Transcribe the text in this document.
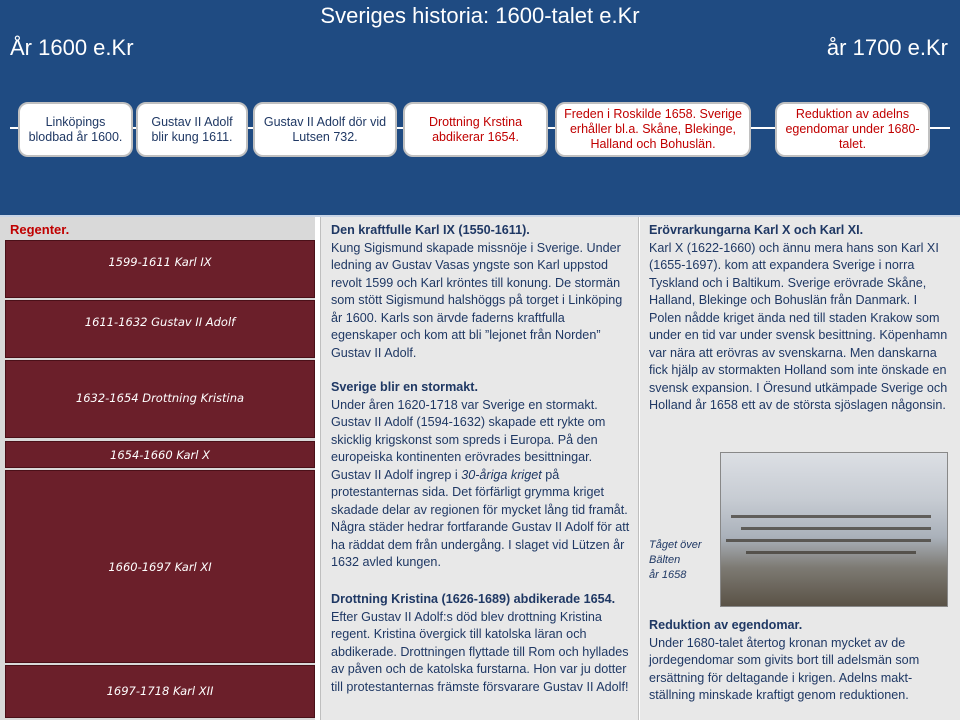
Sveriges historia: 1600-talet e.Kr
År 1600 e.Kr	år 1700 e.Kr
Linköpings blodbad år 1600.
Gustav II Adolf blir kung 1611.
Gustav II Adolf dör vid Lutsen 732.
Drottning Krstina abdikerar 1654.
Freden i Roskilde 1658. Sverige erhåller bl.a. Skåne, Blekinge, Halland och Bohuslän.
Reduktion av adelns egendomar under 1680-talet.
Regenter.
1599-1611 Karl IX
1611-1632 Gustav II Adolf
1632-1654 Drottning Kristina
1654-1660 Karl X
1660-1697 Karl XI
1697-1718 Karl XII
Den kraftfulle Karl IX (1550-1611).
Kung Sigismund skapade missnöje i Sverige. Under ledning av Gustav Vasas yngste son Karl uppstod revolt 1599 och Karl kröntes till konung. De stormän som stött Sigismund halshöggs på torget i Linköping år 1600. Karls son ärvde faderns kraftfulla egenskaper och kom att bli ”lejonet från Norden” Gustav II Adolf.
Sverige blir en stormakt.
Under åren 1620-1718 var Sverige en stormakt. Gustav II Adolf (1594-1632) skapade ett rykte om skicklig krigskonst som spreds i Europa. På den europeiska kontinenten erövrades besittningar. Gustav II Adolf ingrep i 30-åriga kriget på protestanternas sida. Det förfärligt grymma kriget skadade delar av regionen för mycket lång tid framåt. Några städer hedrar fortfarande Gustav II Adolf för att ha räddat dem från undergång. I slaget vid Lützen år 1632 avled kungen.
Drottning Kristina (1626-1689) abdikerade 1654.
Efter Gustav II Adolf:s död blev drottning Kristina regent. Kristina övergick till katolska läran och abdikerade. Drottningen flyttade till Rom och hyllades av påven och de katolska furstarna. Hon var ju dotter till protestanternas främste försvarare Gustav II Adolf!
Erövrarkungarna Karl X och Karl XI.
Karl X (1622-1660) och ännu mera hans son Karl XI (1655-1697). kom att expandera Sverige i norra Tyskland och i Baltikum. Sverige erövrade Skåne, Halland, Blekinge och Bohuslän från Danmark. I Polen nådde kriget ända ned till staden Krakow som under en tid var under svensk besittning. Köpenhamn var nära att erövras av svenskarna. Men danskarna fick hjälp av stormakten Holland som inte önskade en svensk expansion. I Öresund utkämpade Sverige och Holland år 1658 ett av de största sjöslagen någonsin.
Tåget över
Bälten
år 1658
Reduktion av egendomar.
Under 1680-talet återtog kronan mycket av de jordegendomar som givits bort till adelsmän som ersättning för deltagande i krigen. Adelns makt-ställning minskade kraftigt genom reduktionen.
